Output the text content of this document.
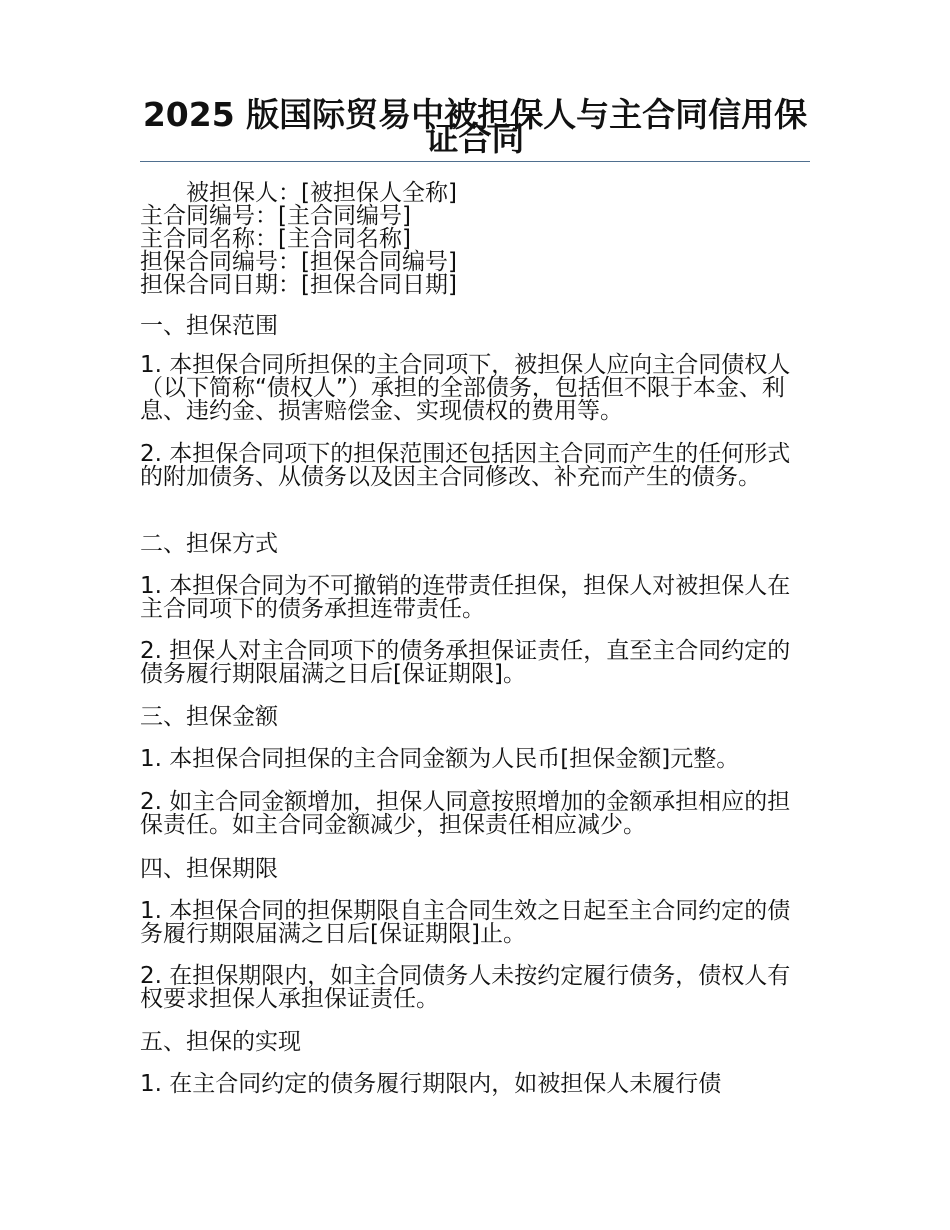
2025 版国际贸易中被担保人与主合同信用保证合同
被担保人：[被担保人全称]
主合同编号：[主合同编号]
主合同名称：[主合同名称]
担保合同编号：[担保合同编号]
担保合同日期：[担保合同日期]
一、担保范围
1. 本担保合同所担保的主合同项下，被担保人应向主合同债权人（以下简称“债权人”）承担的全部债务，包括但不限于本金、利息、违约金、损害赔偿金、实现债权的费用等。
2. 本担保合同项下的担保范围还包括因主合同而产生的任何形式的附加债务、从债务以及因主合同修改、补充而产生的债务。
二、担保方式
1. 本担保合同为不可撤销的连带责任担保，担保人对被担保人在主合同项下的债务承担连带责任。
2. 担保人对主合同项下的债务承担保证责任，直至主合同约定的债务履行期限届满之日后[保证期限]。
三、担保金额
1. 本担保合同担保的主合同金额为人民币[担保金额]元整。
2. 如主合同金额增加，担保人同意按照增加的金额承担相应的担保责任。如主合同金额减少，担保责任相应减少。
四、担保期限
1. 本担保合同的担保期限自主合同生效之日起至主合同约定的债务履行期限届满之日后[保证期限]止。
2. 在担保期限内，如主合同债务人未按约定履行债务，债权人有权要求担保人承担保证责任。
五、担保的实现
1. 在主合同约定的债务履行期限内，如被担保人未履行债
